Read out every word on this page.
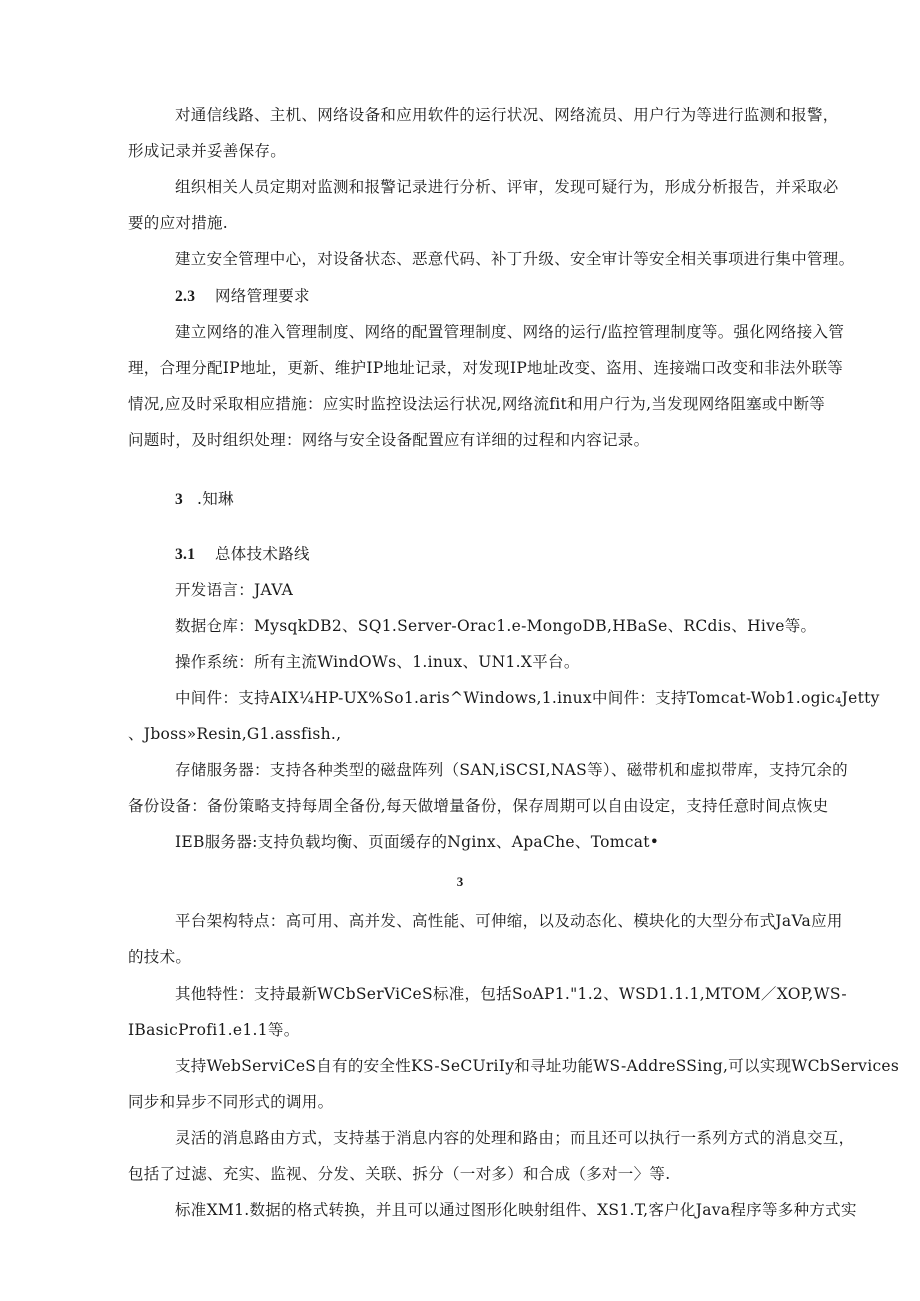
对通信线路、主机、网络设备和应用软件的运行状况、网络流员、用户行为等进行监测和报警，
形成记录并妥善保存。
组织相关人员定期对监测和报警记录进行分析、评审，发现可疑行为，形成分析报告，并采取必
要的应对措施.
建立安全管理中心，对设备状态、恶意代码、补丁升级、安全审计等安全相关事项进行集中管理。
2.3 网络管理要求
建立网络的准入管理制度、网络的配置管理制度、网络的运行/监控管理制度等。强化网络接入管
理，合理分配IP地址，更新、维护IP地址记录，对发现IP地址改变、盗用、连接端口改变和非法外联等
情况,应及时采取相应措施：应实时监控设法运行状况,网络流fit和用户行为,当发现网络阻塞或中断等
问题时，及时组织处理：网络与安全设备配置应有详细的过程和内容记录。
3 .知琳
3.1 总体技术路线
开发语言：JAVA
数据仓库：MysqkDB2、SQ1.Server-Orac1.e-MongoDB,HBaSe、RCdis、Hive等。
操作系统：所有主流WindOWs、1.inux、UN1.X平台。
中间件：支持AIX¼HP-UX%So1.aris^Windows,1.inux中间件：支持Tomcat-Wob1.ogic₄Jetty
、Jboss»Resin,G1.assfish.,
存储服务器：支持各种类型的磁盘阵列（SAN,iSCSI,NAS等）、磁带机和虚拟带库，支持冗余的
备份设备：备份策略支持每周全备份,每天做增量备份，保存周期可以自由设定，支持任意时间点恢史
IEB服务器:支持负载均衡、页面缓存的Nginx、ApaChe、Tomcat•
3
平台架构特点：高可用、高并发、高性能、可伸缩，以及动态化、模块化的大型分布式JaVa应用
的技术。
其他特性：支持最新WCbSerViCeS标准，包括SoAP1."1.2、WSD1.1.1,MTOM／XOP,WS-
IBasicProfi1.e1.1等。
支持WebServiCeS自有的安全性KS-SeCUriIy和寻址功能WS-AddreSSing,可以实现WCbServices
同步和异步不同形式的调用。
灵活的消息路由方式，支持基于消息内容的处理和路由；而且还可以执行一系列方式的消息交互，
包括了过滤、充实、监视、分发、关联、拆分（一对多）和合成（多对一〉等.
标准XM1.数据的格式转换，并且可以通过图形化映射组件、XS1.T,客户化Java程序等多种方式实
